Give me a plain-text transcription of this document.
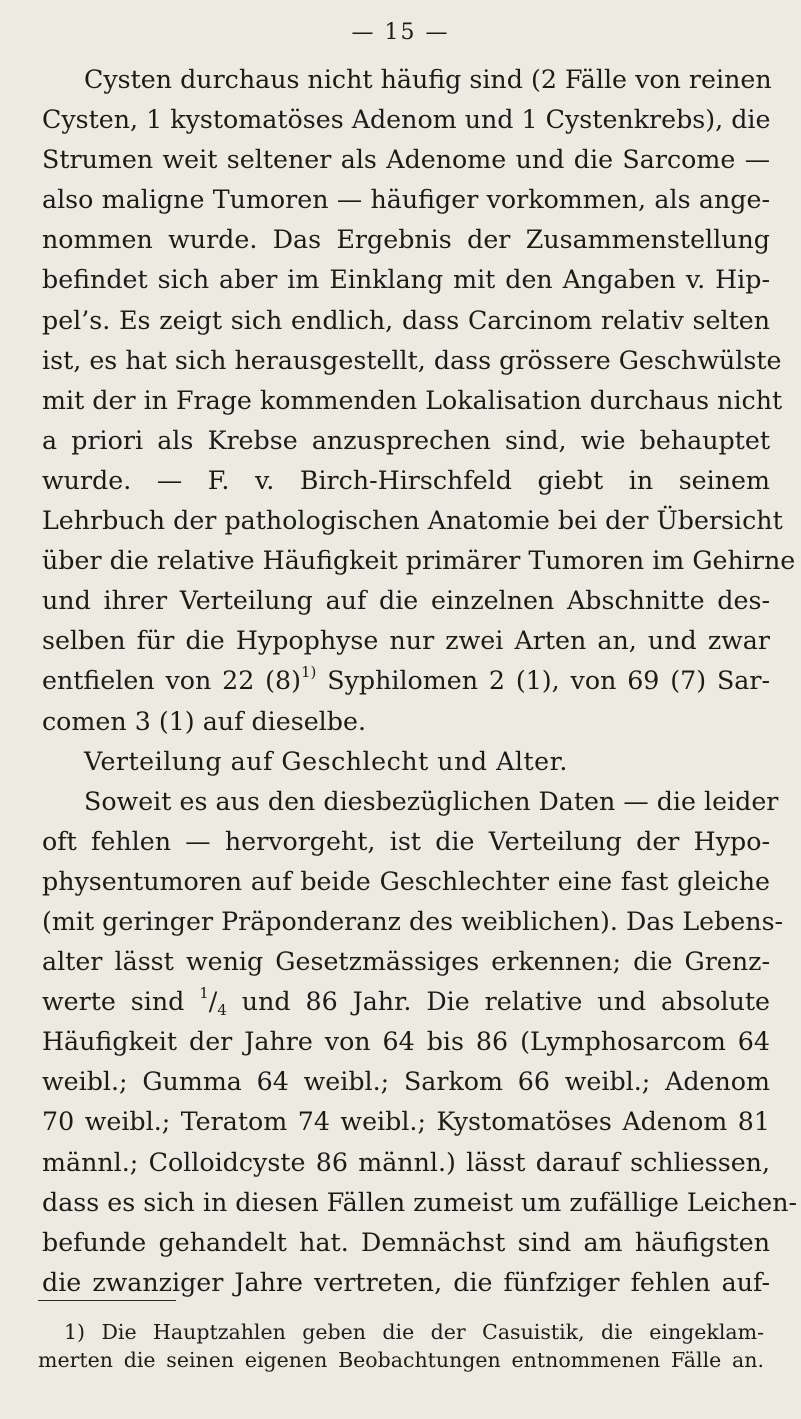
— 15 —
Cysten durchaus nicht häufig sind (2 Fälle von reinen
Cysten, 1 kystomatöses Adenom und 1 Cystenkrebs), die
Strumen weit seltener als Adenome und die Sarcome —
also maligne Tumoren — häufiger vorkommen, als ange-
nommen wurde. Das Ergebnis der Zusammenstellung
befindet sich aber im Einklang mit den Angaben v. Hip-
pel’s. Es zeigt sich endlich, dass Carcinom relativ selten
ist, es hat sich herausgestellt, dass grössere Geschwülste
mit der in Frage kommenden Lokalisation durchaus nicht
a priori als Krebse anzusprechen sind, wie behauptet
wurde. — F. v. Birch-Hirschfeld giebt in seinem
Lehrbuch der pathologischen Anatomie bei der Übersicht
über die relative Häufigkeit primärer Tumoren im Gehirne
und ihrer Verteilung auf die einzelnen Abschnitte des-
selben für die Hypophyse nur zwei Arten an, und zwar
entfielen von 22 $(8)^{1)}$ Syphilomen 2 (1), von 69 (7) Sar-
comen 3 (1) auf dieselbe.
Verteilung auf Geschlecht und Alter.
Soweit es aus den diesbezüglichen Daten — die leider
oft fehlen — hervorgeht, ist die Verteilung der Hypo-
physentumoren auf beide Geschlechter eine fast gleiche
(mit geringer Präponderanz des weiblichen). Das Lebens-
alter lässt wenig Gesetzmässiges erkennen; die Grenz-
werte sind $^1$/4 und 86 Jahr. Die relative und absolute
Häufigkeit der Jahre von 64 bis 86 (Lymphosarcom 64
weibl.; Gumma 64 weibl.; Sarkom 66 weibl.; Adenom
70 weibl.; Teratom 74 weibl.; Kystomatöses Adenom 81
männl.; Colloidcyste 86 männl.) lässt darauf schliessen,
dass es sich in diesen Fällen zumeist um zufällige Leichen-
befunde gehandelt hat. Demnächst sind am häufigsten
die zwanziger Jahre vertreten, die fünfziger fehlen auf-
1) Die Hauptzahlen geben die der Casuistik, die eingeklam-
merten die seinen eigenen Beobachtungen entnommenen Fälle an.
